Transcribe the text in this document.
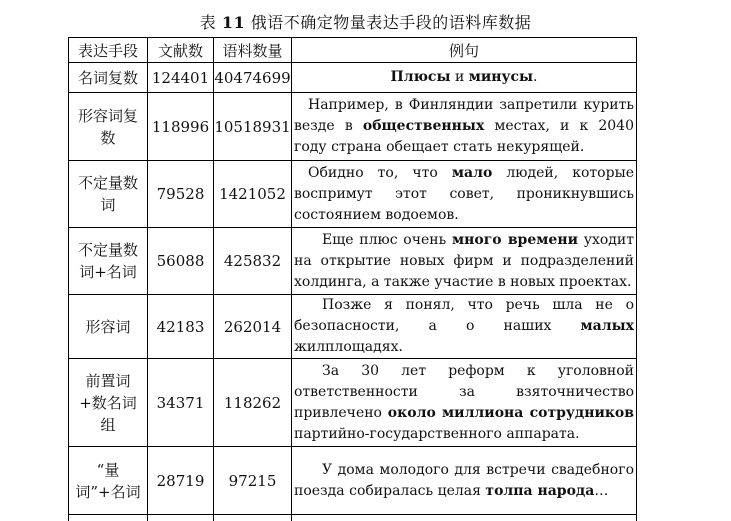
表 11 俄语不确定物量表达手段的语料库数据
表达手段	文献数	语料数量	例句
名词复数	124401	40474699	Плюсы и минусы.
形容词复数	118996	10518931	Например, в Финляндии запретили курить везде в общественных местах, и к 2040 году страна обещает стать некурящей.
不定量数词	79528	1421052	Обидно то, что мало людей, которые воспримут этот совет, проникнувшись состоянием водоемов.
不定量数词+名词	56088	425832	Еще плюс очень много времени уходит на открытие новых фирм и подразделений холдинга, а также участие в новых проектах.
形容词	42183	262014	Позже я понял, что речь шла не о безопасности, а о наших малых жилплощадях.
前置词+数名词组	34371	118262	За 30 лет реформ к уголовной ответственности за взяточничество привлечено около миллиона сотрудников партийно-государственного аппарата.
“量词”+名词	28719	97215	У дома молодого для встречи свадебного поезда собиралась целая толпа народа…
